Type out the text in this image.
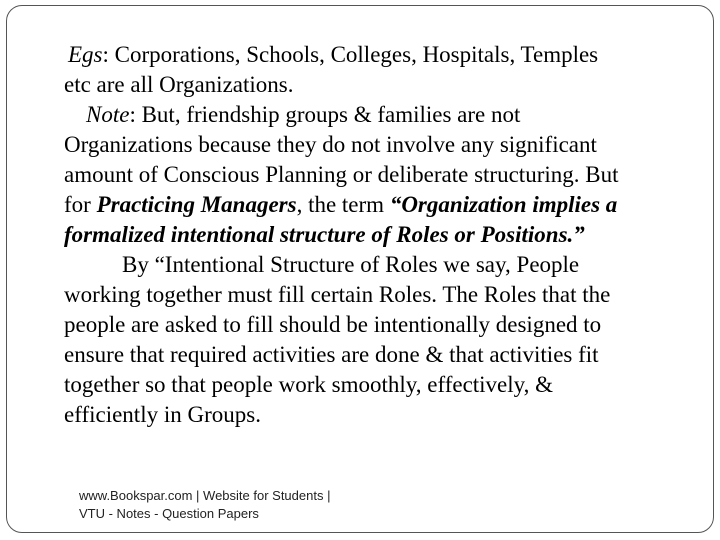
Egs: Corporations, Schools, Colleges, Hospitals, Temples
etc are all Organizations.
Note: But, friendship groups & families are not
Organizations because they do not involve any significant
amount of Conscious Planning or deliberate structuring. But
for Practicing Managers, the term “Organization implies a
formalized intentional structure of Roles or Positions.”
By “Intentional Structure of Roles we say, People
working together must fill certain Roles. The Roles that the
people are asked to fill should be intentionally designed to
ensure that required activities are done & that activities fit
together so that people work smoothly, effectively, &
efficiently in Groups.
www.Bookspar.com | Website for Students |
VTU - Notes - Question Papers
